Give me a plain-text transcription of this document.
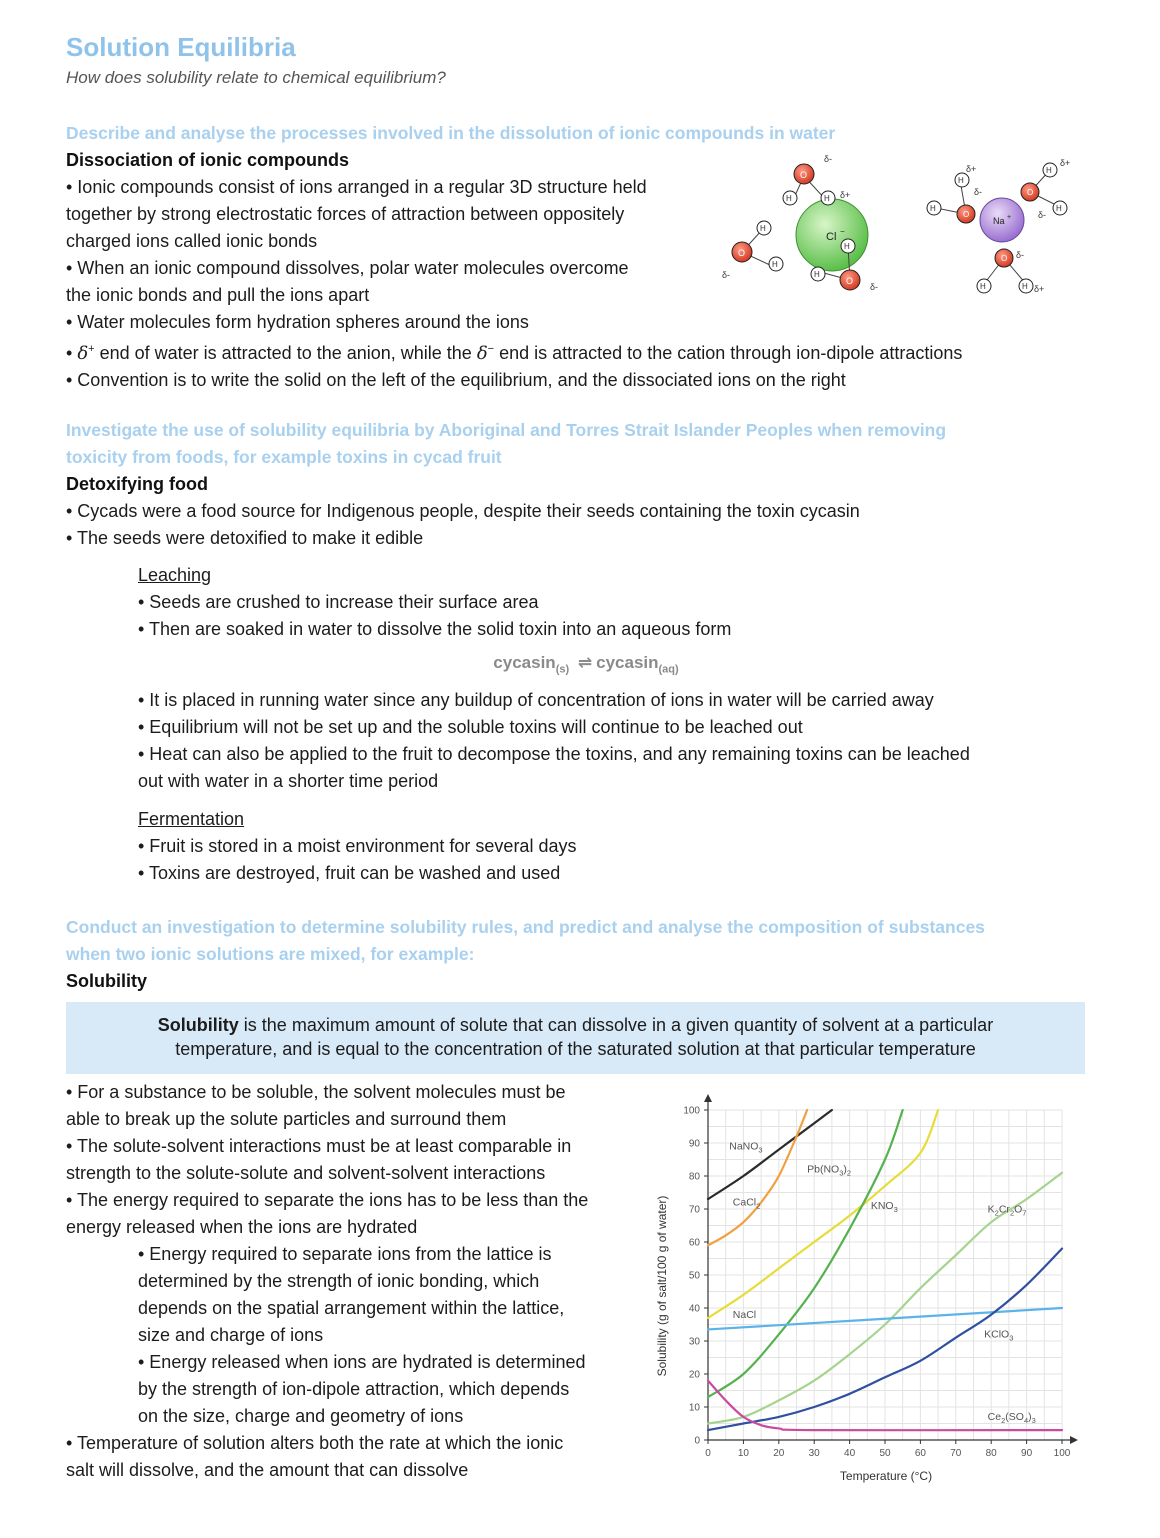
Solution Equilibria

How does solubility relate to chemical equilibrium?

Describe and analyse the processes involved in the dissolution of ionic compounds in water

Dissociation of ionic compounds

• Ionic compounds consist of ions arranged in a regular 3D structure held

together by strong electrostatic forces of attraction between oppositely

charged ions called ionic bonds

• When an ionic compound dissolves, polar water molecules overcome

the ionic bonds and pull the ions apart

• Water molecules form hydration spheres around the ions

• δ+ end of water is attracted to the anion, while the δ− end is attracted to the cation through ion-dipole attractions

• Convention is to write the solid on the left of the equilibrium, and the dissociated ions on the right

Cl −
O
H	H
O
H
H
O
H
H
δ-
δ+
δ-
δ-
Na +
O
H
H
O
H
H
O
H	H
δ-
δ-
δ-
δ+
δ+
δ+

Investigate the use of solubility equilibria by Aboriginal and Torres Strait Islander Peoples when removing

toxicity from foods, for example toxins in cycad fruit

Detoxifying food

• Cycads were a food source for Indigenous people, despite their seeds containing the toxin cycasin

• The seeds were detoxified to make it edible

Leaching

• Seeds are crushed to increase their surface area

• Then are soaked in water to dissolve the solid toxin into an aqueous form

cycasin$_{(s)}$ ⇌ cycasin$_{(aq)}$

• It is placed in running water since any buildup of concentration of ions in water will be carried away

• Equilibrium will not be set up and the soluble toxins will continue to be leached out

• Heat can also be applied to the fruit to decompose the toxins, and any remaining toxins can be leached

out with water in a shorter time period

Fermentation

• Fruit is stored in a moist environment for several days

• Toxins are destroyed, fruit can be washed and used

Conduct an investigation to determine solubility rules, and predict and analyse the composition of substances

when two ionic solutions are mixed, for example:

Solubility

Solubility is the maximum amount of solute that can dissolve in a given quantity of solvent at a particular
temperature, and is equal to the concentration of the saturated solution at that particular temperature

• For a substance to be soluble, the solvent molecules must be

able to break up the solute particles and surround them

• The solute-solvent interactions must be at least comparable in

strength to the solute-solute and solvent-solvent interactions

• The energy required to separate the ions has to be less than the

energy released when the ions are hydrated

• Energy required to separate ions from the lattice is

determined by the strength of ionic bonding, which

depends on the spatial arrangement within the lattice,

size and charge of ions

• Energy released when ions are hydrated is determined

by the strength of ion-dipole attraction, which depends

on the size, charge and geometry of ions

• Temperature of solution alters both the rate at which the ionic

salt will dissolve, and the amount that can dissolve

0	10 20 30 40 50 60 70 80 90 100
0
10
20
30
40
50
60
70
80
90
100
NaNO$_3$
CaCl$_2$
$Pb(NO_3)_2$
$KNO_3$	$K_2Cr_2O_7$
NaCl
KClO$_3$
$Ce_2(SO_4)_3$
Temperature (°C)
Solubility (g of salt/100 g of water)
